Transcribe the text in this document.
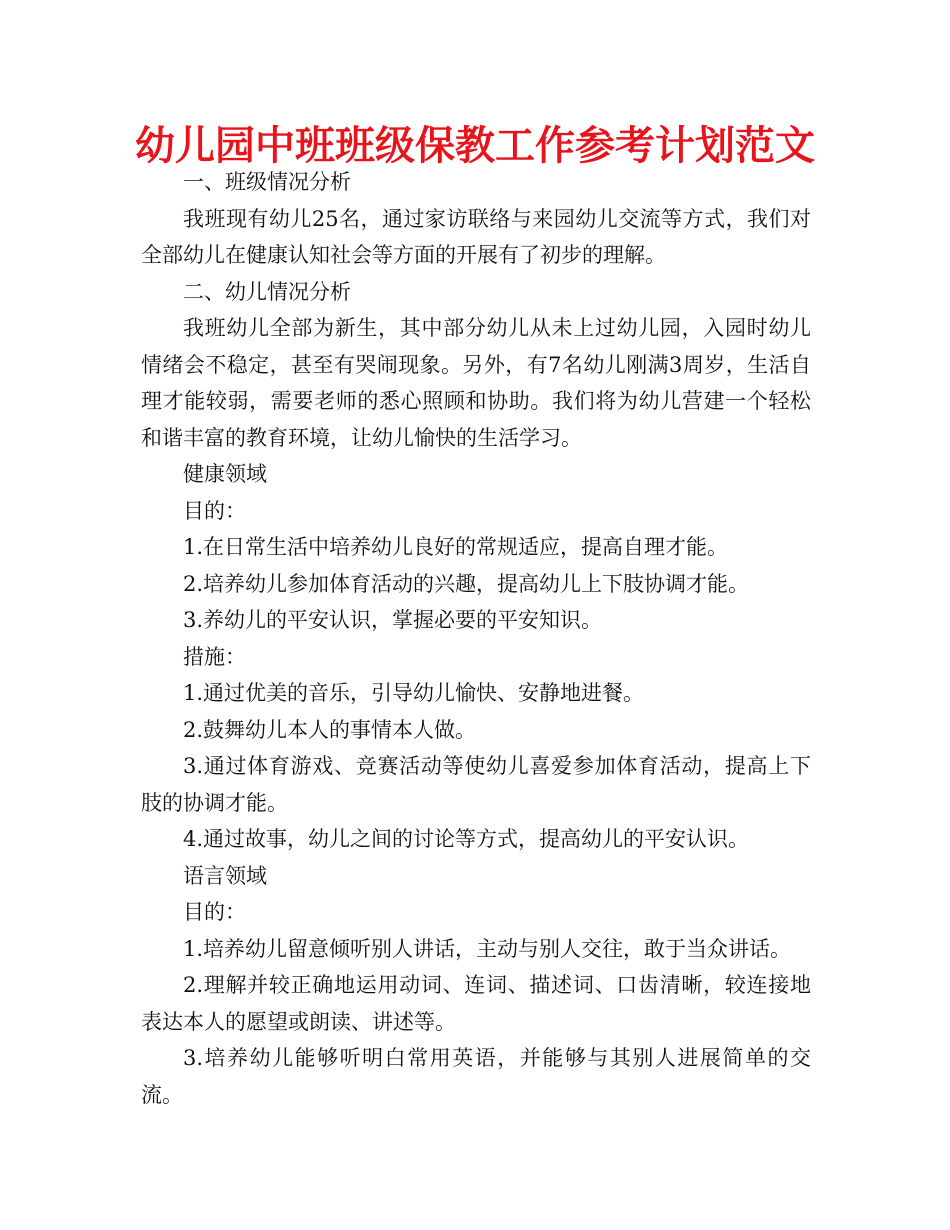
幼儿园中班班级保教工作参考计划范文

一、班级情况分析

我班现有幼儿25名，通过家访联络与来园幼儿交流等方式，我们对全部幼儿在健康认知社会等方面的开展有了初步的理解。

二、幼儿情况分析

我班幼儿全部为新生，其中部分幼儿从未上过幼儿园，入园时幼儿情绪会不稳定，甚至有哭闹现象。另外，有7名幼儿刚满3周岁，生活自理才能较弱，需要老师的悉心照顾和协助。我们将为幼儿营建一个轻松和谐丰富的教育环境，让幼儿愉快的生活学习。

健康领域

目的：

1.在日常生活中培养幼儿良好的常规适应，提高自理才能。

2.培养幼儿参加体育活动的兴趣，提高幼儿上下肢协调才能。

3.养幼儿的平安认识，掌握必要的平安知识。

措施：

1.通过优美的音乐，引导幼儿愉快、安静地进餐。

2.鼓舞幼儿本人的事情本人做。

3.通过体育游戏、竞赛活动等使幼儿喜爱参加体育活动，提高上下肢的协调才能。

4.通过故事，幼儿之间的讨论等方式，提高幼儿的平安认识。

语言领域

目的：

1.培养幼儿留意倾听别人讲话，主动与别人交往，敢于当众讲话。

2.理解并较正确地运用动词、连词、描述词、口齿清晰，较连接地表达本人的愿望或朗读、讲述等。

3.培养幼儿能够听明白常用英语，并能够与其别人进展简单的交流。
